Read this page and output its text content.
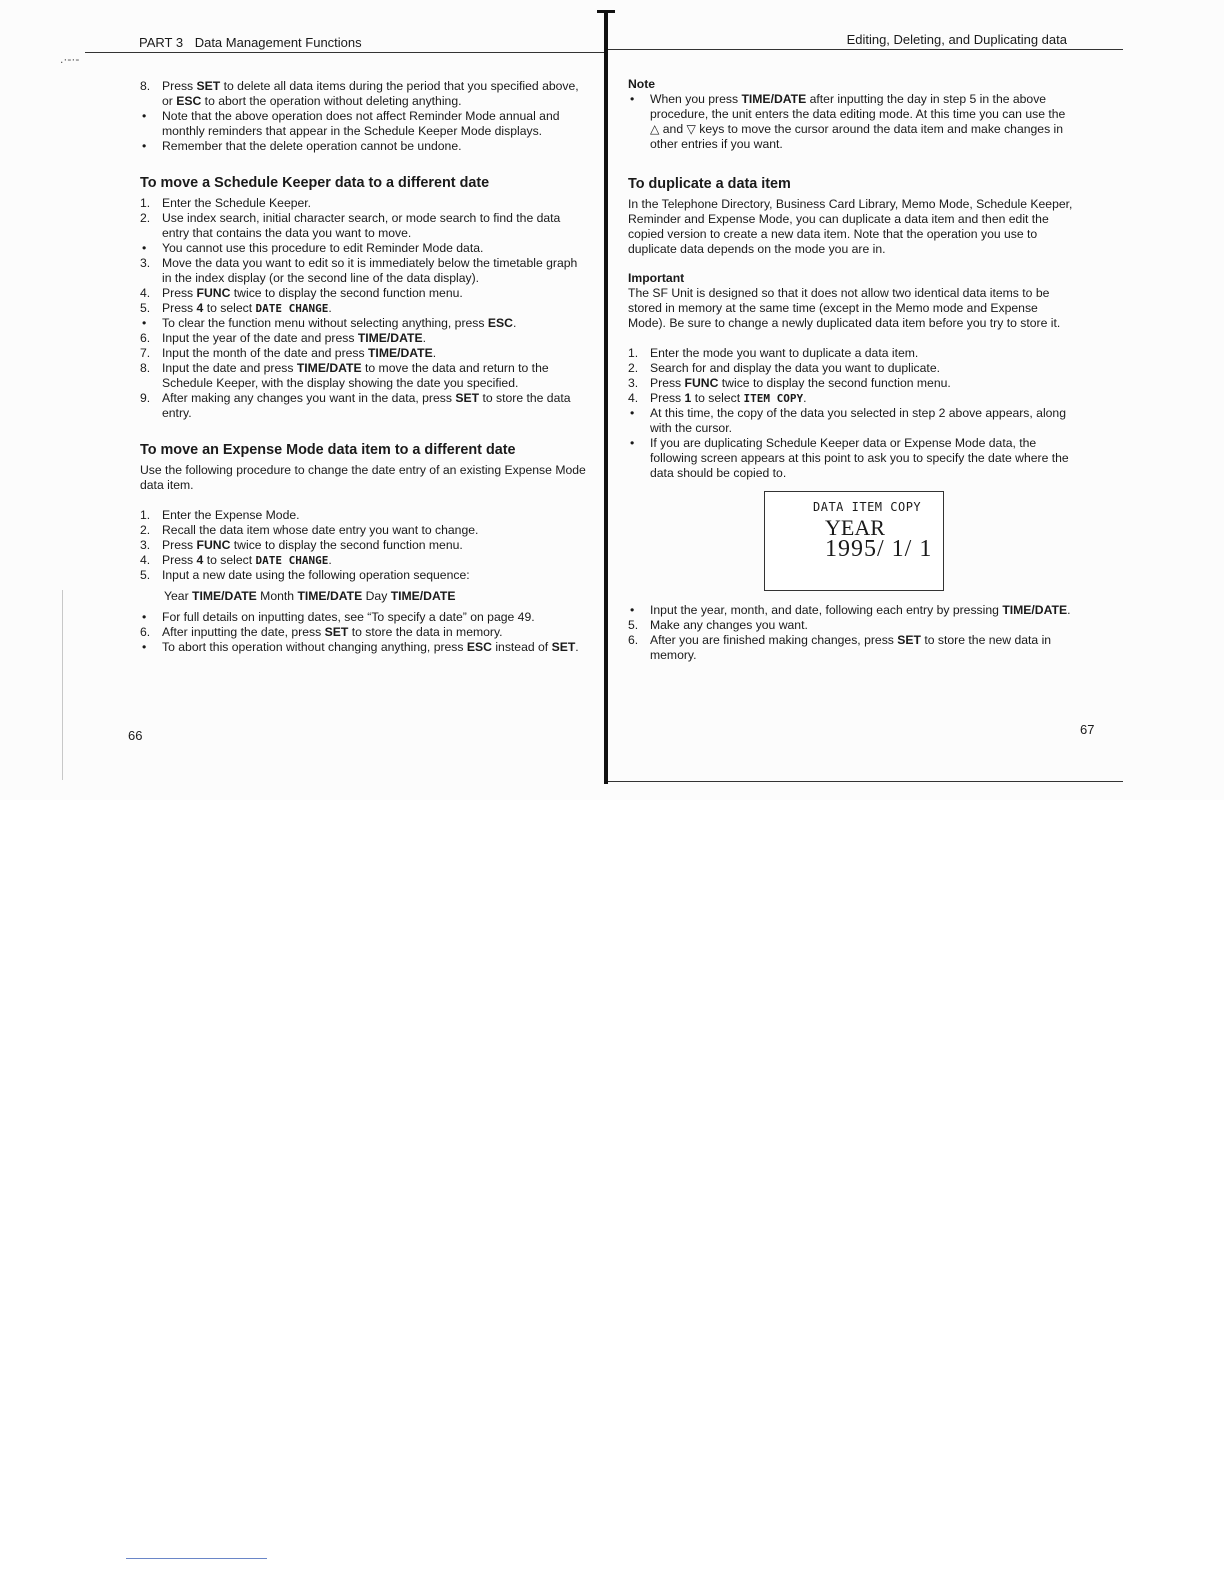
.·-·-
PART 3 Data Management Functions	Editing, Deleting, and Duplicating data
8. Press SET to delete all data items during the period that you specified above, or ESC to abort the operation without deleting anything.
•	Note that the above operation does not affect Reminder Mode annual and monthly reminders that appear in the Schedule Keeper Mode displays.
•	Remember that the delete operation cannot be undone.

To move a Schedule Keeper data to a different date

1. Enter the Schedule Keeper.
2. Use index search, initial character search, or mode search to find the data entry that contains the data you want to move.
•	You cannot use this procedure to edit Reminder Mode data.
3. Move the data you want to edit so it is immediately below the timetable graph in the index display (or the second line of the data display).
4. Press FUNC twice to display the second function menu.
5. Press 4 to select DATE CHANGE.
•	To clear the function menu without selecting anything, press ESC.
6. Input the year of the date and press TIME/DATE.
7. Input the month of the date and press TIME/DATE.
8. Input the date and press TIME/DATE to move the data and return to the Schedule Keeper, with the display showing the date you specified.
9. After making any changes you want in the data, press SET to store the data entry.

To move an Expense Mode data item to a different date

Use the following procedure to change the date entry of an existing Expense Mode data item.

1. Enter the Expense Mode.
2. Recall the data item whose date entry you want to change.
3. Press FUNC twice to display the second function menu.
4. Press 4 to select DATE CHANGE.
5. Input a new date using the following operation sequence:

Year TIME/DATE Month TIME/DATE Day TIME/DATE

•	For full details on inputting dates, see “To specify a date” on page 49.
6. After inputting the date, press SET to store the data in memory.
•	To abort this operation without changing anything, press ESC instead of SET.
66

Note

•	When you press TIME/DATE after inputting the day in step 5 in the above procedure, the unit enters the data editing mode. At this time you can use the △ and ▽ keys to move the cursor around the data item and make changes in other entries if you want.

To duplicate a data item

In the Telephone Directory, Business Card Library, Memo Mode, Schedule Keeper, Reminder and Expense Mode, you can duplicate a data item and then edit the copied version to create a new data item. Note that the operation you use to duplicate data depends on the mode you are in.

Important

The SF Unit is designed so that it does not allow two identical data items to be stored in memory at the same time (except in the Memo mode and Expense Mode). Be sure to change a newly duplicated data item before you try to store it.

1. Enter the mode you want to duplicate a data item.
2. Search for and display the data you want to duplicate.
3. Press FUNC twice to display the second function menu.
4. Press 1 to select ITEM COPY.
•	At this time, the copy of the data you selected in step 2 above appears, along with the cursor.
•	If you are duplicating Schedule Keeper data or Expense Mode data, the following screen appears at this point to ask you to specify the date where the data should be copied to.
DATA ITEM COPY
YEAR
1995/ 1/ 1
•	Input the year, month, and date, following each entry by pressing TIME/DATE.
5. Make any changes you want.
6. After you are finished making changes, press SET to store the new data in memory.
67
